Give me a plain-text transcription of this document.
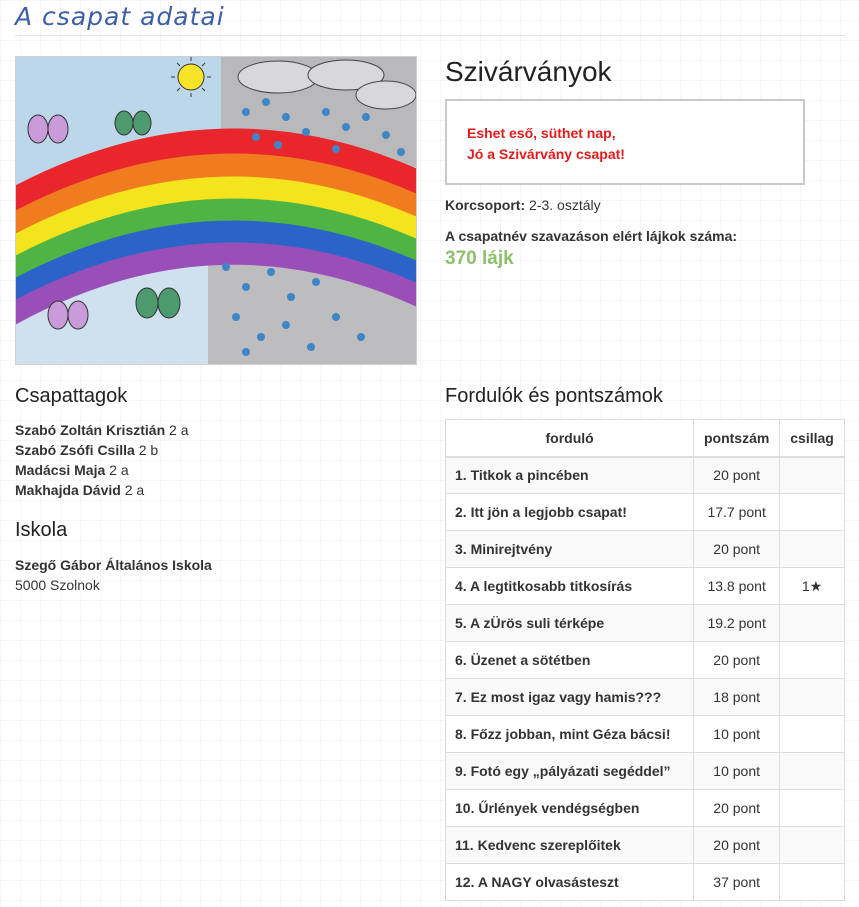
A csapat adatai
Szivárványok
Eshet eső, süthet nap,
Jó a Szivárvány csapat!
Korcsoport: 2-3. osztály
A csapatnév szavazáson elért lájkok száma:
370 lájk
Csapattagok
Szabó Zoltán Krisztián 2 a
Szabó Zsófi Csilla 2 b
Madácsi Maja 2 a
Makhajda Dávid 2 a
Iskola
Szegő Gábor Általános Iskola
5000 Szolnok
Fordulók és pontszámok
forduló	pontszám	csillag
1. Titkok a pincében	20 pont	
2. Itt jön a legjobb csapat!	17.7 pont	
3. Minirejtvény	20 pont	
4. A legtitkosabb titkosírás	13.8 pont	1★
5. A zÜrös suli térképe	19.2 pont	
6. Üzenet a sötétben	20 pont	
7. Ez most igaz vagy hamis???	18 pont	
8. Főzz jobban, mint Géza bácsi!	10 pont	
9. Fotó egy „pályázati segéddel”	10 pont	
10. Űrlények vendégségben	20 pont	
11. Kedvenc szereplőitek	20 pont	
12. A NAGY olvasásteszt	37 pont	
